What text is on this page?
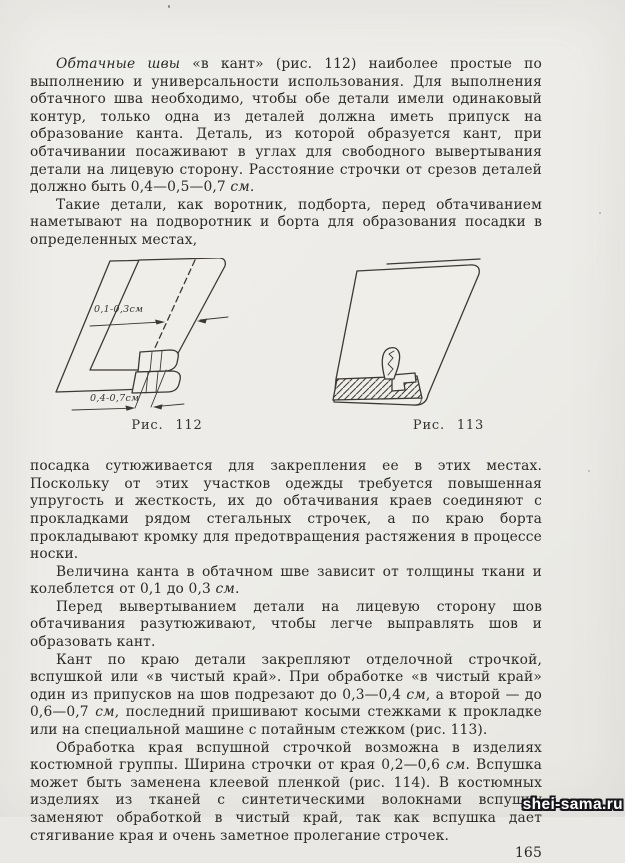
Обтачные швы «в кант» (рис. 112) наиболее простые по выполнению и универсальности использования. Для выполнения обтачного шва необходимо, чтобы обе детали имели одинаковый контур, только одна из деталей должна иметь припуск на образование канта. Деталь, из которой образуется кант, при обтачивании посаживают в углах для свободного вывертывания детали на лицевую сторону. Расстояние строчки от срезов деталей должно быть 0,4—0,5—0,7 см.

Такие детали, как воротник, подборта, перед обтачиванием наметывают на подворотник и борта для образования посадки в определенных местах,

0,1-0,3см
0,4-0,7см
Рис. 112	Рис. 113

посадка сутюживается для закрепления ее в этих местах. Поскольку от этих участков одежды требуется повышенная упругость и жесткость, их до обтачивания краев соединяют с прокладками рядом стегальных строчек, а по краю борта прокладывают кромку для предотвращения растяжения в процессе носки.

Величина канта в обтачном шве зависит от толщины ткани и колеблется от 0,1 до 0,3 см.

Перед вывертыванием детали на лицевую сторону шов обтачивания разутюживают, чтобы легче выправлять шов и образовать кант.

Кант по краю детали закрепляют отделочной строчкой, вспушкой или «в чистый край». При обработке «в чистый край» один из припусков на шов подрезают до 0,3—0,4 см, а второй — до 0,6—0,7 см, последний пришивают косыми стежками к прокладке или на специальной машине с потайным стежком (рис. 113).

Обработка края вспушной строчкой возможна в изделиях костюмной группы. Ширина строчки от края 0,2—0,6 см. Вспушка может быть заменена клеевой пленкой (рис. 114). В костюмных изделиях из тканей с синтетическими волокнами вспушку заменяют обработкой в чистый край, так как вспушка дает стягивание края и очень заметное пролегание строчек.

165

shei-sama.ru
